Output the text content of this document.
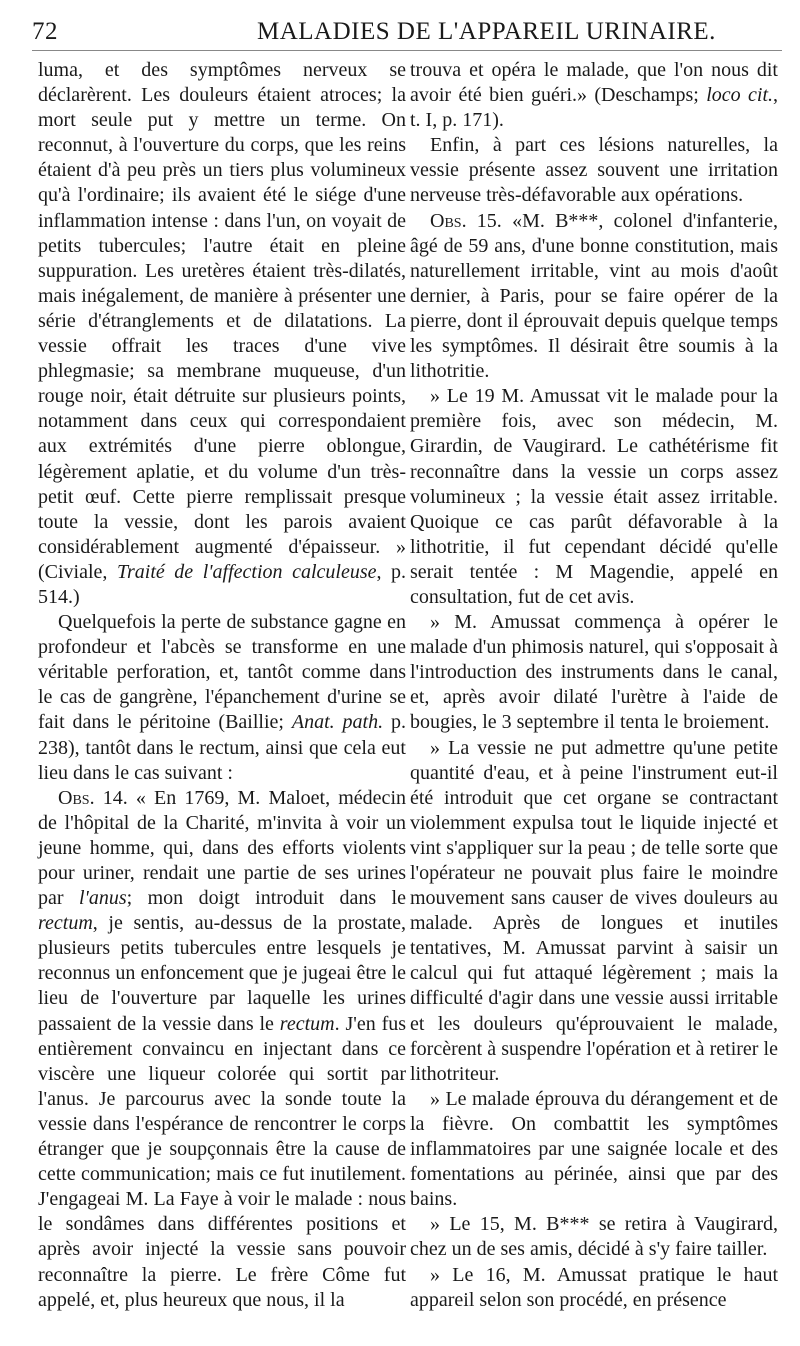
72	MALADIES DE L'APPAREIL URINAIRE.

luma, et des symptômes nerveux se déclarèrent. Les douleurs étaient atroces; la mort seule put y mettre un terme. On reconnut, à l'ouverture du corps, que les reins étaient d'à peu près un tiers plus volumineux qu'à l'ordinaire; ils avaient été le siége d'une inflammation intense : dans l'un, on voyait de petits tubercules; l'autre était en pleine suppuration. Les uretères étaient très-dilatés, mais inégalement, de manière à présenter une série d'étranglements et de dilatations. La vessie offrait les traces d'une vive phlegmasie; sa membrane muqueuse, d'un rouge noir, était détruite sur plusieurs points, notamment dans ceux qui correspondaient aux extrémités d'une pierre oblongue, légèrement aplatie, et du volume d'un très-petit œuf. Cette pierre remplissait presque toute la vessie, dont les parois avaient considérablement augmenté d'épaisseur. » (Civiale, Traité de l'affection calculeuse, p. 514.)

Quelquefois la perte de substance gagne en profondeur et l'abcès se transforme en une véritable perforation, et, tantôt comme dans le cas de gangrène, l'épanchement d'urine se fait dans le péritoine (Baillie; Anat. path. p. 238), tantôt dans le rectum, ainsi que cela eut lieu dans le cas suivant :

Obs. 14. « En 1769, M. Maloet, médecin de l'hôpital de la Charité, m'invita à voir un jeune homme, qui, dans des efforts violents pour uriner, rendait une partie de ses urines par l'anus; mon doigt introduit dans le rectum, je sentis, au-dessus de la prostate, plusieurs petits tubercules entre lesquels je reconnus un enfoncement que je jugeai être le lieu de l'ouverture par laquelle les urines passaient de la vessie dans le rectum. J'en fus entièrement convaincu en injectant dans ce viscère une liqueur colorée qui sortit par l'anus. Je parcourus avec la sonde toute la vessie dans l'espérance de rencontrer le corps étranger que je soupçonnais être la cause de cette communication; mais ce fut inutilement. J'engageai M. La Faye à voir le malade : nous le sondâmes dans différentes positions et après avoir injecté la vessie sans pouvoir reconnaître la pierre. Le frère Côme fut appelé, et, plus heureux que nous, il la

trouva et opéra le malade, que l'on nous dit avoir été bien guéri.» (Deschamps; loco cit., t. I, p. 171).

Enfin, à part ces lésions naturelles, la vessie présente assez souvent une irritation nerveuse très-défavorable aux opérations.

Obs. 15. «M. B***, colonel d'infanterie, âgé de 59 ans, d'une bonne constitution, mais naturellement irritable, vint au mois d'août dernier, à Paris, pour se faire opérer de la pierre, dont il éprouvait depuis quelque temps les symptômes. Il désirait être soumis à la lithotritie.

» Le 19 M. Amussat vit le malade pour la première fois, avec son médecin, M. Girardin, de Vaugirard. Le cathétérisme fit reconnaître dans la vessie un corps assez volumineux ; la vessie était assez irritable. Quoique ce cas parût défavorable à la lithotritie, il fut cependant décidé qu'elle serait tentée : M Magendie, appelé en consultation, fut de cet avis.

» M. Amussat commença à opérer le malade d'un phimosis naturel, qui s'opposait à l'introduction des instruments dans le canal, et, après avoir dilaté l'urètre à l'aide de bougies, le 3 septembre il tenta le broiement.

» La vessie ne put admettre qu'une petite quantité d'eau, et à peine l'instrument eut-il été introduit que cet organe se contractant violemment expulsa tout le liquide injecté et vint s'appliquer sur la peau ; de telle sorte que l'opérateur ne pouvait plus faire le moindre mouvement sans causer de vives douleurs au malade. Après de longues et inutiles tentatives, M. Amussat parvint à saisir un calcul qui fut attaqué légèrement ; mais la difficulté d'agir dans une vessie aussi irritable et les douleurs qu'éprouvaient le malade, forcèrent à suspendre l'opération et à retirer le lithotriteur.

» Le malade éprouva du dérangement et de la fièvre. On combattit les symptômes inflammatoires par une saignée locale et des fomentations au périnée, ainsi que par des bains.

» Le 15, M. B*** se retira à Vaugirard, chez un de ses amis, décidé à s'y faire tailler.

» Le 16, M. Amussat pratique le haut appareil selon son procédé, en présence
